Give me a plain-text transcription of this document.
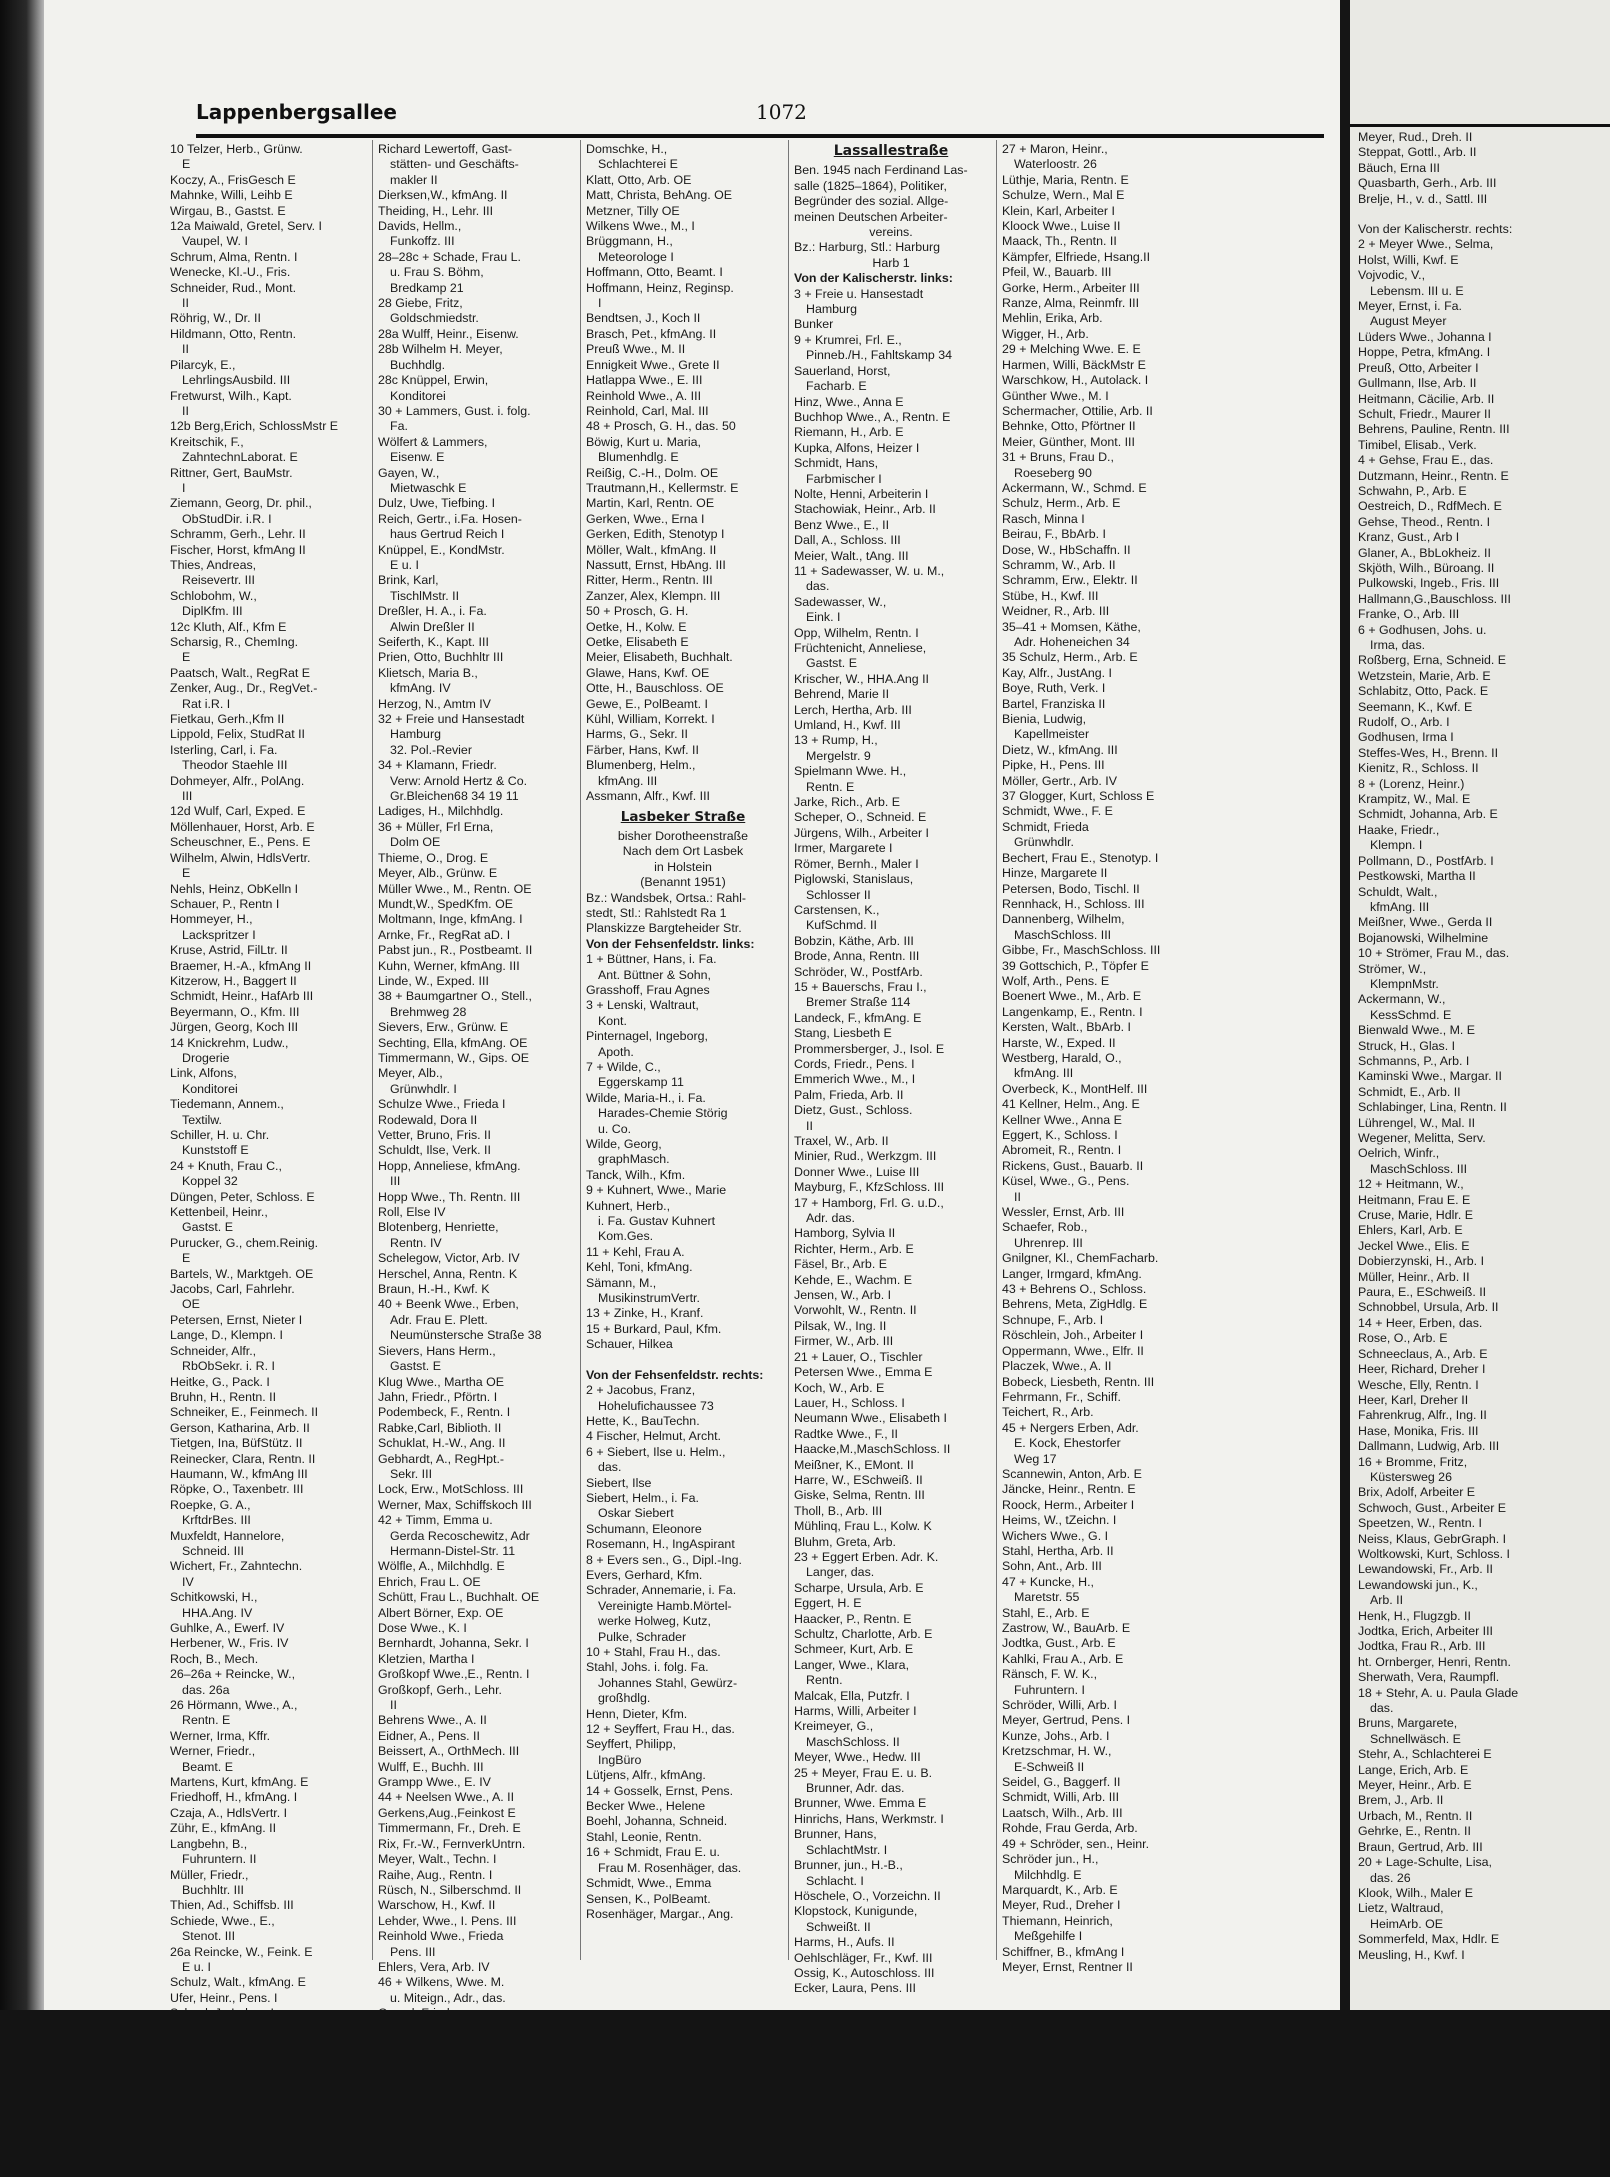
Lappenbergsallee	1072
10 Telzer, Herb., Grünw.
E
Koczy, A., FrisGesch E
Mahnke, Willi, Leihb E
Wirgau, B., Gastst. E
12a Maiwald, Gretel, Serv. I
Vaupel, W. I
Schrum, Alma, Rentn. I
Wenecke, Kl.-U., Fris.
Schneider, Rud., Mont.
II
Röhrig, W., Dr. II
Hildmann, Otto, Rentn.
II
Pilarcyk, E.,
LehrlingsAusbild. III
Fretwurst, Wilh., Kapt.
II
12b Berg,Erich, SchlossMstr E
Kreitschik, F.,
ZahntechnLaborat. E
Rittner, Gert, BauMstr.
I
Ziemann, Georg, Dr. phil.,
ObStudDir. i.R. I
Schramm, Gerh., Lehr. II
Fischer, Horst, kfmAng II
Thies, Andreas,
Reisevertr. III
Schlobohm, W.,
DiplKfm. III
12c Kluth, Alf., Kfm E
Scharsig, R., ChemIng.
E
Paatsch, Walt., RegRat E
Zenker, Aug., Dr., RegVet.-
Rat i.R. I
Fietkau, Gerh.,Kfm II
Lippold, Felix, StudRat II
Isterling, Carl, i. Fa.
Theodor Staehle III
Dohmeyer, Alfr., PolAng.
III
12d Wulf, Carl, Exped. E
Möllenhauer, Horst, Arb. E
Scheuschner, E., Pens. E
Wilhelm, Alwin, HdlsVertr.
E
Nehls, Heinz, ObKelln I
Schauer, P., Rentn I
Hommeyer, H.,
Lackspritzer I
Kruse, Astrid, FilLtr. II
Braemer, H.-A., kfmAng II
Kitzerow, H., Baggert II
Schmidt, Heinr., HafArb III
Beyermann, O., Kfm. III
Jürgen, Georg, Koch III
14 Knickrehm, Ludw.,
Drogerie
Link, Alfons,
Konditorei
Tiedemann, Annem.,
Textilw.
Schiller, H. u. Chr.
Kunststoff E
24 + Knuth, Frau C.,
Koppel 32
Düngen, Peter, Schloss. E
Kettenbeil, Heinr.,
Gastst. E
Purucker, G., chem.Reinig.
E
Bartels, W., Marktgeh. OE
Jacobs, Carl, Fahrlehr.
OE
Petersen, Ernst, Nieter I
Lange, D., Klempn. I
Schneider, Alfr.,
RbObSekr. i. R. I
Heitke, G., Pack. I
Bruhn, H., Rentn. II
Schneiker, E., Feinmech. II
Gerson, Katharina, Arb. II
Tietgen, Ina, BüfStütz. II
Reinecker, Clara, Rentn. II
Haumann, W., kfmAng III
Röpke, O., Taxenbetr. III
Roepke, G. A.,
KrftdrBes. III
Muxfeldt, Hannelore,
Schneid. III
Wichert, Fr., Zahntechn.
IV
Schitkowski, H.,
HHA.Ang. IV
Guhlke, A., Ewerf. IV
Herbener, W., Fris. IV
Roch, B., Mech.
26–26a + Reincke, W.,
das. 26a
26 Hörmann, Wwe., A.,
Rentn. E
Werner, Irma, Kffr.
Werner, Friedr.,
Beamt. E
Martens, Kurt, kfmAng. E
Friedhoff, H., kfmAng. I
Czaja, A., HdlsVertr. I
Zühr, E., kfmAng. II
Langbehn, B.,
Fuhruntern. II
Müller, Friedr.,
Buchhltr. III
Thien, Ad., Schiffsb. III
Schiede, Wwe., E.,
Stenot. III
26a Reincke, W., Feink. E
E u. I
Schulz, Walt., kfmAng. E
Ufer, Heinr., Pens. I
Richard Lewertoff, Gast-
stätten- und Geschäfts-
makler II
Dierksen,W., kfmAng. II
Theiding, H., Lehr. III
Davids, Hellm.,
Funkoffz. III
28–28c + Schade, Frau L.
u. Frau S. Böhm,
Bredkamp 21
28 Giebe, Fritz,
Goldschmiedstr.
28a Wulff, Heinr., Eisenw.
28b Wilhelm H. Meyer,
Buchhdlg.
28c Knüppel, Erwin,
Konditorei
30 + Lammers, Gust. i. folg.
Fa.
Wölfert & Lammers,
Eisenw. E
Gayen, W.,
Mietwaschk E
Dulz, Uwe, Tiefbing. I
Reich, Gertr., i.Fa. Hosen-
haus Gertrud Reich I
Knüppel, E., KondMstr.
E u. I
Brink, Karl,
TischlMstr. II
Dreßler, H. A., i. Fa.
Alwin Dreßler II
Seiferth, K., Kapt. III
Prien, Otto, Buchhltr III
Klietsch, Maria B.,
kfmAng. IV
Herzog, N., Amtm IV
32 + Freie und Hansestadt
Hamburg
32. Pol.-Revier
34 + Klamann, Friedr.
Verw: Arnold Hertz & Co.
Gr.Bleichen68 34 19 11
Ladiges, H., Milchhdlg.
36 + Müller, Frl Erna,
Dolm OE
Thieme, O., Drog. E
Meyer, Alb., Grünw. E
Müller Wwe., M., Rentn. OE
Mundt,W., SpedKfm. OE
Moltmann, Inge, kfmAng. I
Arnke, Fr., RegRat aD. I
Pabst jun., R., Postbeamt. II
Kuhn, Werner, kfmAng. III
Linde, W., Exped. III
38 + Baumgartner O., Stell.,
Brehmweg 28
Sievers, Erw., Grünw. E
Sechting, Ella, kfmAng. OE
Timmermann, W., Gips. OE
Meyer, Alb.,
Grünwhdlr. I
Schulze Wwe., Frieda I
Rodewald, Dora II
Vetter, Bruno, Fris. II
Schuldt, Ilse, Verk. II
Hopp, Anneliese, kfmAng.
III
Hopp Wwe., Th. Rentn. III
Roll, Else IV
Blotenberg, Henriette,
Rentn. IV
Schelegow, Victor, Arb. IV
Herschel, Anna, Rentn. K
Braun, H.-H., Kwf. K
40 + Beenk Wwe., Erben,
Adr. Frau E. Plett.
Neumünstersche Straße 38
Sievers, Hans Herm.,
Gastst. E
Klug Wwe., Martha OE
Jahn, Friedr., Pförtn. I
Podembeck, F., Rentn. I
Rabke,Carl, Biblioth. II
Schuklat, H.-W., Ang. II
Gebhardt, A., RegHpt.-
Sekr. III
Lock, Erw., MotSchloss. III
Werner, Max, Schiffskoch III
42 + Timm, Emma u.
Gerda Recoschewitz, Adr
Hermann-Distel-Str. 11
Wölfle, A., Milchhdlg. E
Ehrich, Frau L. OE
Schütt, Frau L., Buchhalt. OE
Albert Börner, Exp. OE
Dose Wwe., K. I
Bernhardt, Johanna, Sekr. I
Kletzien, Martha I
Großkopf Wwe.,E., Rentn. I
Großkopf, Gerh., Lehr.
II
Behrens Wwe., A. II
Eidner, A., Pens. II
Beissert, A., OrthMech. III
Wulff, E., Buchh. III
Grampp Wwe., E. IV
44 + Neelsen Wwe., A. II
Gerkens,Aug.,Feinkost E
Timmermann, Fr., Dreh. E
Rix, Fr.-W., FernverkUntrn.
Meyer, Walt., Techn. I
Raihe, Aug., Rentn. I
Rüsch, N., Silberschmd. II
Warschow, H., Kwf. II
Lehder, Wwe., I. Pens. III
Reinhold Wwe., Frieda
Pens. III
Ehlers, Vera, Arb. IV
46 + Wilkens, Wwe. M.
u. Miteign., Adr., das.
Domschke, H.,
Schlachterei E
Klatt, Otto, Arb. OE
Matt, Christa, BehAng. OE
Metzner, Tilly OE
Wilkens Wwe., M., I
Brüggmann, H.,
Meteorologe I
Hoffmann, Otto, Beamt. I
Hoffmann, Heinz, Reginsp.
I
Bendtsen, J., Koch II
Brasch, Pet., kfmAng. II
Preuß Wwe., M. II
Ennigkeit Wwe., Grete II
Hatlappa Wwe., E. III
Reinhold Wwe., A. III
Reinhold, Carl, Mal. III
48 + Prosch, G. H., das. 50
Böwig, Kurt u. Maria,
Blumenhdlg. E
Reißig, C.-H., Dolm. OE
Trautmann,H., Kellermstr. E
Martin, Karl, Rentn. OE
Gerken, Wwe., Erna I
Gerken, Edith, Stenotyp I
Möller, Walt., kfmAng. II
Nassutt, Ernst, HbAng. III
Ritter, Herm., Rentn. III
Zanzer, Alex, Klempn. III
50 + Prosch, G. H.
Oetke, H., Kolw. E
Oetke, Elisabeth E
Meier, Elisabeth, Buchhalt.
Glawe, Hans, Kwf. OE
Otte, H., Bauschloss. OE
Gewe, E., PolBeamt. I
Kühl, William, Korrekt. I
Harms, G., Sekr. II
Färber, Hans, Kwf. II
Blumenberg, Helm.,
kfmAng. III
Assmann, Alfr., Kwf. III
Lasbeker Straße
bisher Dorotheenstraße
Nach dem Ort Lasbek
in Holstein
(Benannt 1951)
Bz.: Wandsbek, Ortsa.: Rahl-
stedt, Stl.: Rahlstedt Ra 1
Planskizze Bargteheider Str.
Von der Fehsenfeldstr. links:
1 + Büttner, Hans, i. Fa.
Ant. Büttner & Sohn,
Grasshoff, Frau Agnes
3 + Lenski, Waltraut,
Kont.
Pinternagel, Ingeborg,
Apoth.
7 + Wilde, C.,
Eggerskamp 11
Wilde, Maria-H., i. Fa.
Harades-Chemie Störig
u. Co.
Wilde, Georg,
graphMasch.
Tanck, Wilh., Kfm.
9 + Kuhnert, Wwe., Marie
Kuhnert, Herb.,
i. Fa. Gustav Kuhnert
Kom.Ges.
11 + Kehl, Frau A.
Kehl, Toni, kfmAng.
Sämann, M.,
MusikinstrumVertr.
13 + Zinke, H., Kranf.
15 + Burkard, Paul, Kfm.
Schauer, Hilkea
Von der Fehsenfeldstr. rechts:
2 + Jacobus, Franz,
Hohelufichaussee 73
Hette, K., BauTechn.
4 Fischer, Helmut, Archt.
6 + Siebert, Ilse u. Helm.,
das.
Siebert, Ilse
Siebert, Helm., i. Fa.
Oskar Siebert
Schumann, Eleonore
Rosemann, H., IngAspirant
8 + Evers sen., G., Dipl.-Ing.
Evers, Gerhard, Kfm.
Schrader, Annemarie, i. Fa.
Vereinigte Hamb.Mörtel-
werke Holweg, Kutz,
Pulke, Schrader
10 + Stahl, Frau H., das.
Stahl, Johs. i. folg. Fa.
Johannes Stahl, Gewürz-
großhdlg.
Henn, Dieter, Kfm.
12 + Seyffert, Frau H., das.
Seyffert, Philipp,
IngBüro
Lütjens, Alfr., kfmAng.
14 + Gosselk, Ernst, Pens.
Becker Wwe., Helene
Boehl, Johanna, Schneid.
Stahl, Leonie, Rentn.
16 + Schmidt, Frau E. u.
Frau M. Rosenhäger, das.
Schmidt, Wwe., Emma
Sensen, K., PolBeamt.
Rosenhäger, Margar., Ang.
Lassallestraße
Ben. 1945 nach Ferdinand Las-
salle (1825–1864), Politiker,
Begründer des sozial. Allge-
meinen Deutschen Arbeiter-
vereins.
Bz.: Harburg, Stl.: Harburg
Harb 1
Von der Kalischerstr. links:
3 + Freie u. Hansestadt
Hamburg
Bunker
9 + Krumrei, Frl. E.,
Pinneb./H., Fahltskamp 34
Sauerland, Horst,
Facharb. E
Hinz, Wwe., Anna E
Buchhop Wwe., A., Rentn. E
Riemann, H., Arb. E
Kupka, Alfons, Heizer I
Schmidt, Hans,
Farbmischer I
Nolte, Henni, Arbeiterin I
Stachowiak, Heinr., Arb. II
Benz Wwe., E., II
Dall, A., Schloss. III
Meier, Walt., tAng. III
11 + Sadewasser, W. u. M.,
das.
Sadewasser, W.,
Eink. I
Opp, Wilhelm, Rentn. I
Früchtenicht, Anneliese,
Gastst. E
Krischer, W., HHA.Ang II
Behrend, Marie II
Lerch, Hertha, Arb. III
Umland, H., Kwf. III
13 + Rump, H.,
Mergelstr. 9
Spielmann Wwe. H.,
Rentn. E
Jarke, Rich., Arb. E
Scheper, O., Schneid. E
Jürgens, Wilh., Arbeiter I
Irmer, Margarete I
Römer, Bernh., Maler I
Piglowski, Stanislaus,
Schlosser II
Carstensen, K.,
KufSchmd. II
Bobzin, Käthe, Arb. III
Brode, Anna, Rentn. III
Schröder, W., PostfArb.
15 + Bauerschs, Frau I.,
Bremer Straße 114
Landeck, F., kfmAng. E
Stang, Liesbeth E
Prommersberger, J., Isol. E
Cords, Friedr., Pens. I
Emmerich Wwe., M., I
Palm, Frieda, Arb. II
Dietz, Gust., Schloss.
II
Traxel, W., Arb. II
Minier, Rud., Werkzgm. III
Donner Wwe., Luise III
Mayburg, F., KfzSchloss. III
17 + Hamborg, Frl. G. u.D.,
Adr. das.
Hamborg, Sylvia II
Richter, Herm., Arb. E
Fäsel, Br., Arb. E
Kehde, E., Wachm. E
Jensen, W., Arb. I
Vorwohlt, W., Rentn. II
Pilsak, W., Ing. II
Firmer, W., Arb. III
21 + Lauer, O., Tischler
Petersen Wwe., Emma E
Koch, W., Arb. E
Lauer, H., Schloss. I
Neumann Wwe., Elisabeth I
Radtke Wwe., F., II
Haacke,M.,MaschSchloss. II
Meißner, K., EMont. II
Harre, W., ESchweiß. II
Giske, Selma, Rentn. III
Tholl, B., Arb. III
Mühlinq, Frau L., Kolw. K
Bluhm, Greta, Arb.
23 + Eggert Erben. Adr. K.
Langer, das.
Scharpe, Ursula, Arb. E
Eggert, H. E
Haacker, P., Rentn. E
Schultz, Charlotte, Arb. E
Schmeer, Kurt, Arb. E
Langer, Wwe., Klara,
Rentn.
Malcak, Ella, Putzfr. I
Harms, Willi, Arbeiter I
Kreimeyer, G.,
MaschSchloss. II
Meyer, Wwe., Hedw. III
25 + Meyer, Frau E. u. B.
Brunner, Adr. das.
Brunner, Wwe. Emma E
Hinrichs, Hans, Werkmstr. I
Brunner, Hans,
SchlachtMstr. I
Brunner, jun., H.-B.,
Schlacht. I
Höschele, O., Vorzeichn. II
Klopstock, Kunigunde,
Schweißt. II
Harms, H., Aufs. II
Oehlschläger, Fr., Kwf. III
Ossig, K., Autoschloss. III
Ecker, Laura, Pens. III
27 + Maron, Heinr.,
Waterloostr. 26
Lüthje, Maria, Rentn. E
Schulze, Wern., Mal E
Klein, Karl, Arbeiter I
Kloock Wwe., Luise II
Maack, Th., Rentn. II
Kämpfer, Elfriede, Hsang.II
Pfeil, W., Bauarb. III
Gorke, Herm., Arbeiter III
Ranze, Alma, Reinmfr. III
Mehlin, Erika, Arb.
Wigger, H., Arb.
29 + Melching Wwe. E. E
Harmen, Willi, BäckMstr E
Warschkow, H., Autolack. I
Günther Wwe., M. I
Schermacher, Ottilie, Arb. II
Behnke, Otto, Pförtner II
Meier, Günther, Mont. III
31 + Bruns, Frau D.,
Roeseberg 90
Ackermann, W., Schmd. E
Schulz, Herm., Arb. E
Rasch, Minna I
Beirau, F., BbArb. I
Dose, W., HbSchaffn. II
Schramm, W., Arb. II
Schramm, Erw., Elektr. II
Stübe, H., Kwf. III
Weidner, R., Arb. III
35–41 + Momsen, Käthe,
Adr. Hoheneichen 34
35 Schulz, Herm., Arb. E
Kay, Alfr., JustAng. I
Boye, Ruth, Verk. I
Bartel, Franziska II
Bienia, Ludwig,
Kapellmeister
Dietz, W., kfmAng. III
Pipke, H., Pens. III
Möller, Gertr., Arb. IV
37 Glogger, Kurt, Schloss E
Schmidt, Wwe., F. E
Schmidt, Frieda
Grünwhdlr.
Bechert, Frau E., Stenotyp. I
Hinze, Margarete II
Petersen, Bodo, Tischl. II
Rennhack, H., Schloss. III
Dannenberg, Wilhelm,
MaschSchloss. III
Gibbe, Fr., MaschSchloss. III
39 Gottschich, P., Töpfer E
Wolf, Arth., Pens. E
Boenert Wwe., M., Arb. E
Langenkamp, E., Rentn. I
Kersten, Walt., BbArb. I
Harste, W., Exped. II
Westberg, Harald, O.,
kfmAng. III
Overbeck, K., MontHelf. III
41 Kellner, Helm., Ang. E
Kellner Wwe., Anna E
Eggert, K., Schloss. I
Abromeit, R., Rentn. I
Rickens, Gust., Bauarb. II
Küsel, Wwe., G., Pens.
II
Wessler, Ernst, Arb. III
Schaefer, Rob.,
Uhrenrep. III
Gnilgner, Kl., ChemFacharb.
Langer, Irmgard, kfmAng.
43 + Behrens O., Schloss.
Behrens, Meta, ZigHdlg. E
Schnupe, F., Arb. I
Röschlein, Joh., Arbeiter I
Oppermann, Wwe., Elfr. II
Placzek, Wwe., A. II
Bobeck, Liesbeth, Rentn. III
Fehrmann, Fr., Schiff.
Teichert, R., Arb.
45 + Nergers Erben, Adr.
E. Kock, Ehestorfer
Weg 17
Scannewin, Anton, Arb. E
Jäncke, Heinr., Rentn. E
Roock, Herm., Arbeiter I
Heims, W., tZeichn. I
Wichers Wwe., G. I
Stahl, Hertha, Arb. II
Sohn, Ant., Arb. III
47 + Kuncke, H.,
Maretstr. 55
Stahl, E., Arb. E
Zastrow, W., BauArb. E
Jodtka, Gust., Arb. E
Kahlki, Frau A., Arb. E
Ränsch, F. W. K.,
Fuhruntern. I
Schröder, Willi, Arb. I
Meyer, Gertrud, Pens. I
Kunze, Johs., Arb. I
Kretzschmar, H. W.,
E-Schweiß II
Seidel, G., Baggerf. II
Schmidt, Willi, Arb. III
Laatsch, Wilh., Arb. III
Rohde, Frau Gerda, Arb.
49 + Schröder, sen., Heinr.
Schröder jun., H.,
Milchhdlg. E
Marquardt, K., Arb. E
Meyer, Rud., Dreher I
Thiemann, Heinrich,
Meßgehilfe I
Schiffner, B., kfmAng I
Meyer, Ernst, Rentner II
Meyer, Rud., Dreh. II
Steppat, Gottl., Arb. II
Bäuch, Erna III
Quasbarth, Gerh., Arb. III
Brelje, H., v. d., Sattl. III
Von der Kalischerstr. rechts:
2 + Meyer Wwe., Selma,
Holst, Willi, Kwf. E
Vojvodic, V.,
Lebensm. III u. E
Meyer, Ernst, i. Fa.
August Meyer
Lüders Wwe., Johanna I
Hoppe, Petra, kfmAng. I
Preuß, Otto, Arbeiter I
Gullmann, Ilse, Arb. II
Heitmann, Cäcilie, Arb. II
Schult, Friedr., Maurer II
Behrens, Pauline, Rentn. III
Timibel, Elisab., Verk.
4 + Gehse, Frau E., das.
Dutzmann, Heinr., Rentn. E
Schwahn, P., Arb. E
Oestreich, D., RdfMech. E
Gehse, Theod., Rentn. I
Kranz, Gust., Arb I
Glaner, A., BbLokheiz. II
Skjöth, Wilh., Büroang. II
Pulkowski, Ingeb., Fris. III
Hallmann,G.,Bauschloss. III
Franke, O., Arb. III
6 + Godhusen, Johs. u.
Irma, das.
Roßberg, Erna, Schneid. E
Wetzstein, Marie, Arb. E
Schlabitz, Otto, Pack. E
Seemann, K., Kwf. E
Rudolf, O., Arb. I
Godhusen, Irma I
Steffes-Wes, H., Brenn. II
Kienitz, R., Schloss. II
8 + (Lorenz, Heinr.)
Krampitz, W., Mal. E
Schmidt, Johanna, Arb. E
Haake, Friedr.,
Klempn. I
Pollmann, D., PostfArb. I
Pestkowski, Martha II
Schuldt, Walt.,
kfmAng. III
Meißner, Wwe., Gerda II
Bojanowski, Wilhelmine
10 + Strömer, Frau M., das.
Strömer, W.,
KlempnMstr.
Ackermann, W.,
KessSchmd. E
Bienwald Wwe., M. E
Struck, H., Glas. I
Schmanns, P., Arb. I
Kaminski Wwe., Margar. II
Schmidt, E., Arb. II
Schlabinger, Lina, Rentn. II
Lührengel, W., Mal. II
Wegener, Melitta, Serv.
Oelrich, Winfr.,
MaschSchloss. III
12 + Heitmann, W.,
Heitmann, Frau E. E
Cruse, Marie, Hdlr. E
Ehlers, Karl, Arb. E
Jeckel Wwe., Elis. E
Dobierzynski, H., Arb. I
Müller, Heinr., Arb. II
Paura, E., ESchweiß. II
Schnobbel, Ursula, Arb. II
14 + Heer, Erben, das.
Rose, O., Arb. E
Schneeclaus, A., Arb. E
Heer, Richard, Dreher I
Wesche, Elly, Rentn. I
Heer, Karl, Dreher II
Fahrenkrug, Alfr., Ing. II
Hase, Monika, Fris. III
Dallmann, Ludwig, Arb. III
16 + Bromme, Fritz,
Küstersweg 26
Brix, Adolf, Arbeiter E
Schwoch, Gust., Arbeiter E
Speetzen, W., Rentn. I
Neiss, Klaus, GebrGraph. I
Woltkowski, Kurt, Schloss. I
Lewandowski, Fr., Arb. II
Lewandowski jun., K.,
Arb. II
Henk, H., Flugzgb. II
Jodtka, Erich, Arbeiter III
Jodtka, Frau R., Arb. III
ht. Ornberger, Henri, Rentn.
Sherwath, Vera, Raumpfl.
18 + Stehr, A. u. Paula Glade
das.
Bruns, Margarete,
Schnellwäsch. E
Stehr, A., Schlachterei E
Lange, Erich, Arb. E
Meyer, Heinr., Arb. E
Brem, J., Arb. II
Urbach, M., Rentn. II
Gehrke, E., Rentn. II
Braun, Gertrud, Arb. III
20 + Lage-Schulte, Lisa,
das. 26
Klook, Wilh., Maler E
Lietz, Waltraud,
HeimArb. OE
Sommerfeld, Max, Hdlr. E
Meusling, H., Kwf. I
